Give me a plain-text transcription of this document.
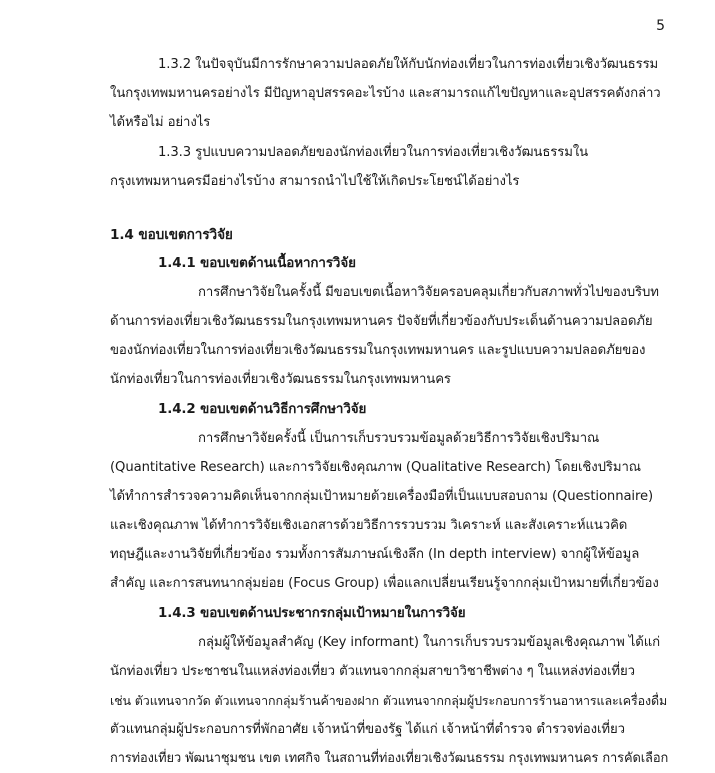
5
1.3.2 ในปัจจุบันมีการรักษาความปลอดภัยให้กับนักท่องเที่ยวในการท่องเที่ยวเชิงวัฒนธรรม
ในกรุงเทพมหานครอย่างไร มีปัญหาอุปสรรคอะไรบ้าง และสามารถแก้ไขปัญหาและอุปสรรคดังกล่าว
ได้หรือไม่ อย่างไร
1.3.3 รูปแบบความปลอดภัยของนักท่องเที่ยวในการท่องเที่ยวเชิงวัฒนธรรมใน
กรุงเทพมหานครมีอย่างไรบ้าง สามารถนำไปใช้ให้เกิดประโยชน์ได้อย่างไร
1.4 ขอบเขตการวิจัย
1.4.1 ขอบเขตด้านเนื้อหาการวิจัย
การศึกษาวิจัยในครั้งนี้ มีขอบเขตเนื้อหาวิจัยครอบคลุมเกี่ยวกับสภาพทั่วไปของบริบท
ด้านการท่องเที่ยวเชิงวัฒนธรรมในกรุงเทพมหานคร ปัจจัยที่เกี่ยวข้องกับประเด็นด้านความปลอดภัย
ของนักท่องเที่ยวในการท่องเที่ยวเชิงวัฒนธรรมในกรุงเทพมหานคร และรูปแบบความปลอดภัยของ
นักท่องเที่ยวในการท่องเที่ยวเชิงวัฒนธรรมในกรุงเทพมหานคร
1.4.2 ขอบเขตด้านวิธีการศึกษาวิจัย
การศึกษาวิจัยครั้งนี้ เป็นการเก็บรวบรวมข้อมูลด้วยวิธีการวิจัยเชิงปริมาณ
(Quantitative Research) และการวิจัยเชิงคุณภาพ (Qualitative Research) โดยเชิงปริมาณ
ได้ทำการสำรวจความคิดเห็นจากกลุ่มเป้าหมายด้วยเครื่องมือที่เป็นแบบสอบถาม (Questionnaire)
และเชิงคุณภาพ ได้ทำการวิจัยเชิงเอกสารด้วยวิธีการรวบรวม วิเคราะห์ และสังเคราะห์แนวคิด
ทฤษฎีและงานวิจัยที่เกี่ยวข้อง รวมทั้งการสัมภาษณ์เชิงลึก (In depth interview) จากผู้ให้ข้อมูล
สำคัญ และการสนทนากลุ่มย่อย (Focus Group) เพื่อแลกเปลี่ยนเรียนรู้จากกลุ่มเป้าหมายที่เกี่ยวข้อง
1.4.3 ขอบเขตด้านประชากรกลุ่มเป้าหมายในการวิจัย
กลุ่มผู้ให้ข้อมูลสำคัญ (Key informant) ในการเก็บรวบรวมข้อมูลเชิงคุณภาพ ได้แก่
นักท่องเที่ยว ประชาชนในแหล่งท่องเที่ยว ตัวแทนจากกลุ่มสาขาวิชาชีพต่าง ๆ ในแหล่งท่องเที่ยว
เช่น ตัวแทนจากวัด ตัวแทนจากกลุ่มร้านค้าของฝาก ตัวแทนจากกลุ่มผู้ประกอบการร้านอาหารและเครื่องดื่ม
ตัวแทนกลุ่มผู้ประกอบการที่พักอาศัย เจ้าหน้าที่ของรัฐ ได้แก่ เจ้าหน้าที่ตำรวจ ตำรวจท่องเที่ยว
การท่องเที่ยว พัฒนาชุมชน เขต เทศกิจ ในสถานที่ท่องเที่ยวเชิงวัฒนธรรม กรุงเทพมหานคร การคัดเลือก
